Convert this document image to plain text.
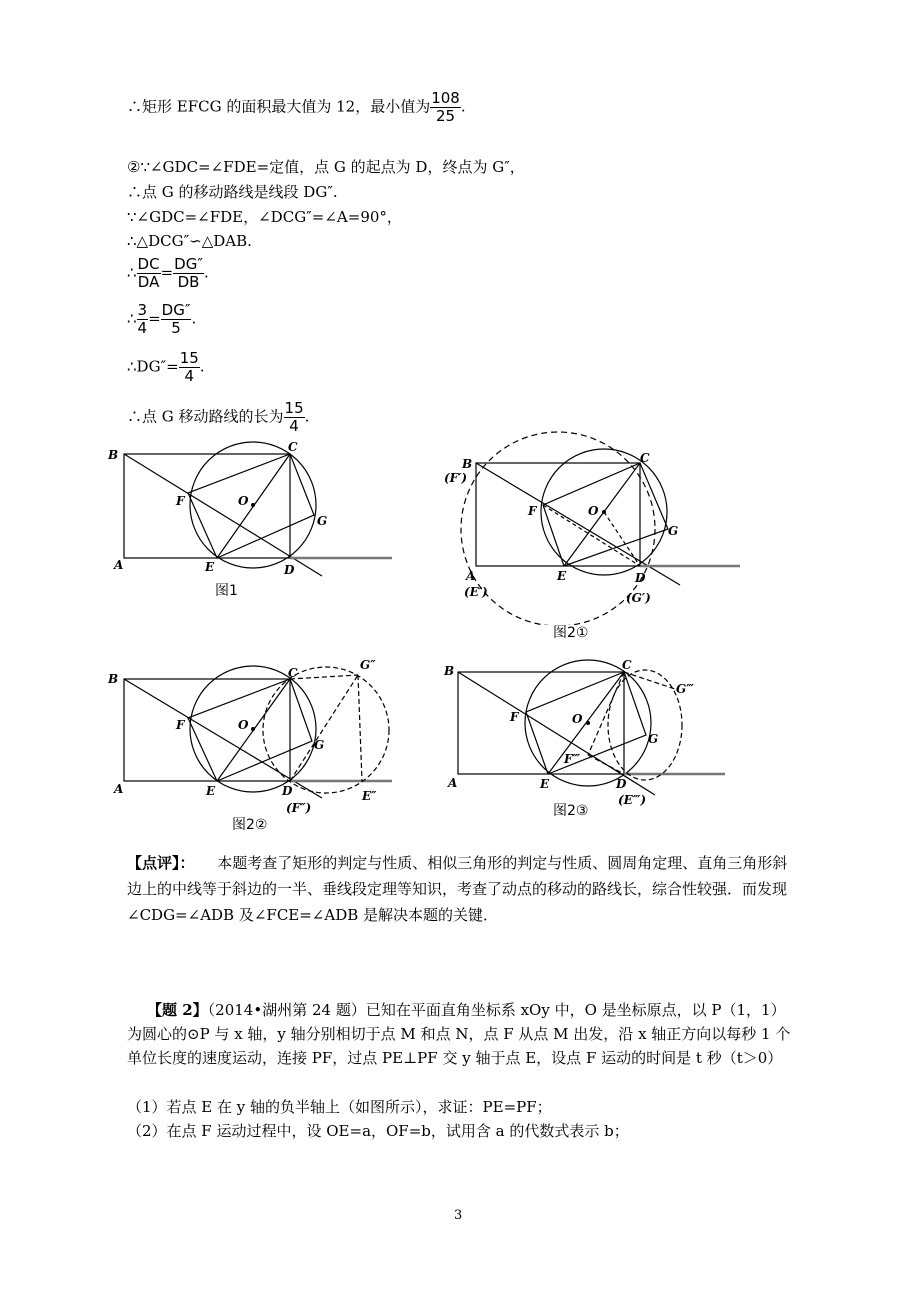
∴矩形 EFCG 的面积最大值为 12，最小值为 $\frac{108}{25}$ .
②∵∠GDC=∠FDE=定值，点 G 的起点为 D，终点为 G″，
∴点 G 的移动路线是线段 DG″.
∵∠GDC=∠FDE，∠DCG″=∠A=90°，
∴△DCG″∽△DAB.
∴ $\frac{DC}{DA} = \frac{DG''}{DB}$ .
∴ $\frac{3}{4} = \frac{DG''}{5}$ .
∴DG″= $\frac{15}{4}$ .
∴点 G 移动路线的长为 $\frac{15}{4}$ .
B
C
A	D
E
F
G
O
图1
B
(F′)
C
A
(E′)
D
(G′)
E
F
G
O
图2①
B	C
G″
A	D
(F″)
E″
E
F
G
O
图2②
B	C
G‴
A	D
(E‴)
F‴
E
F
G
O
图2③
【点评】： 本题考查了矩形的判定与性质、相似三角形的判定与性质、圆周角定理、直角三角形斜边上的中线等于斜边的一半、垂线段定理等知识，考查了动点的移动的路线长，综合性较强．而发现∠CDG=∠ADB 及∠FCE=∠ADB 是解决本题的关键．
【题 2】（2014•湖州第 24 题）已知在平面直角坐标系 xOy 中，O 是坐标原点，以 P（1，1）为圆心的⊙P 与 x 轴，y 轴分别相切于点 M 和点 N，点 F 从点 M 出发，沿 x 轴正方向以每秒 1 个单位长度的速度运动，连接 PF，过点 PE⊥PF 交 y 轴于点 E，设点 F 运动的时间是 t 秒（t＞0）
（1）若点 E 在 y 轴的负半轴上（如图所示），求证：PE=PF；
（2）在点 F 运动过程中，设 OE=a，OF=b，试用含 a 的代数式表示 b；
3
